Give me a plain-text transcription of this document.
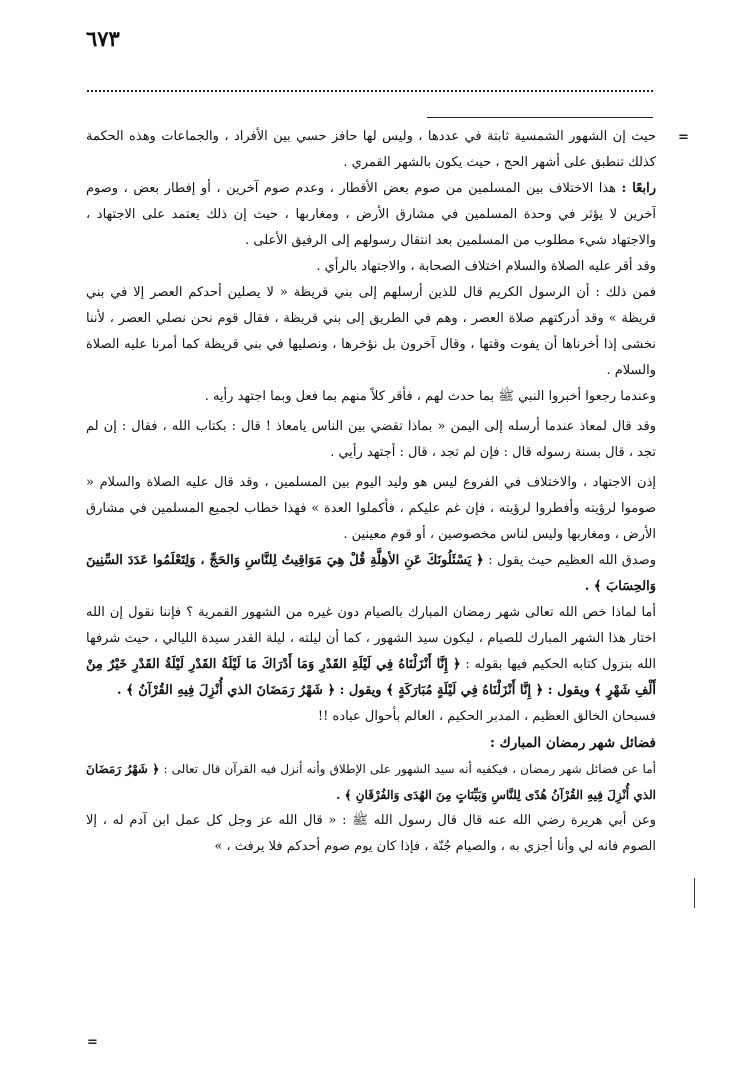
٦٧٣
=

حيث إن الشهور الشمسية ثابتة في عددها ، وليس لها حافز حسي بين الأفراد ، والجماعات وهذه الحكمة كذلك تنطبق على أشهر الحج ، حيث يكون بالشهر القمري .

رابعًا : هذا الاختلاف بين المسلمين من صوم بعض الأقطار ، وعدم صوم آخرين ، أو إفطار بعض ، وصوم آخرين لا يؤثر في وحدة المسلمين في مشارق الأرض ، ومغاربها ، حيث إن ذلك يعتمد على الاجتهاد ، والاجتهاد شيء مطلوب من المسلمين بعد انتقال رسولهم إلى الرفيق الأعلى .

وقد أقر عليه الصلاة والسلام اختلاف الصحابة ، والاجتهاد بالرأي .

فمن ذلك : أن الرسول الكريم قال للذين أرسلهم إلى بني قريظة « لا يصلين أحدكم العصر إلا في بني قريظة » وقد أدركتهم صلاة العصر ، وهم في الطريق إلى بني قريظة ، فقال قوم نحن نصلي العصر ، لأننا نخشى إذا أخرناها أن يفوت وقتها ، وقال آخرون بل نؤخرها ، ونصليها في بني قريظة كما أمرنا عليه الصلاة والسلام .

وعندما رجعوا أخبروا النبي ﷺ بما حدث لهم ، فأقر كلاً منهم بما فعل وبما اجتهد رأيه .

وقد قال لمعاذ عندما أرسله إلى اليمن « بماذا تقضي بين الناس يامعاذ ! قال : بكتاب الله ، فقال : إن لم تجد ، قال بسنة رسوله قال : فإن لم تجد ، قال : أجتهد رأيي .

إذن الاجتهاد ، والاختلاف في الفروع ليس هو وليد اليوم بين المسلمين ، وقد قال عليه الصلاة والسلام « صوموا لرؤيته وأفطروا لرؤيته ، فإن غم عليكم ، فأكملوا العدة » فهذا خطاب لجميع المسلمين في مشارق الأرض ، ومغاربها وليس لناس مخصوصين ، أو قوم معينين .

وصدق الله العظيم حيث يقول : ﴿ يَسْئَلُونَكَ عَنِ الأهِلَّةِ قُلْ هِيَ مَوَاقِيتُ لِلنَّاسِ وَالحَجِّ ، وَلِتَعْلَمُوا عَدَدَ السِّنِينَ وَالحِسَابَ ﴾ .

أما لماذا خص الله تعالى شهر رمضان المبارك بالصيام دون غيره من الشهور القمرية ؟ فإننا نقول إن الله اختار هذا الشهر المبارك للصيام ، ليكون سيد الشهور ، كما أن ليلته ، ليلة القدر سيدة الليالي ، حيث شرفها الله بنزول كتابه الحكيم فيها بقوله : ﴿ إِنَّا أَنْزَلْنَاهُ فِي لَيْلَةِ القَدْرِ وَمَا أَدْرَاكَ مَا لَيْلَةُ القَدْرِ لَيْلَةُ القَدْرِ خَيْرٌ مِنْ أَلْفِ شَهْرٍ ﴾ ويقول : ﴿ إِنَّا أَنْزَلْنَاهُ فِي لَيْلَةٍ مُبَارَكَةٍ ﴾ ويقول : ﴿ شَهْرُ رَمَضَانَ الذي أُنْزِلَ فِيهِ القُرْآنُ ﴾ .

فسبحان الخالق العظيم ، المدبر الحكيم ، العالم بأحوال عباده !!

فضائل شهر رمضان المبارك :

أما عن فضائل شهر رمضان ، فيكفيه أنه سيد الشهور على الإطلاق وأنه أنزل فيه القرآن قال تعالى : ﴿ شَهْرُ رَمَضَانَ الذي أُنْزِلَ فِيهِ القُرْآنُ هُدًى لِلنَّاسِ وَبَيِّنَاتٍ مِنَ الهُدَى وَالفُرْقَانِ ﴾ .

وعن أبي هريرة رضي الله عنه قال قال رسول الله ﷺ : « قال الله عز وجل كل عمل ابن آدم له ، إلا الصوم فانه لي وأنا أجزي به ، والصيام جُنّة ، فإذا كان يوم صوم أحدكم فلا يرفث ، »

=
